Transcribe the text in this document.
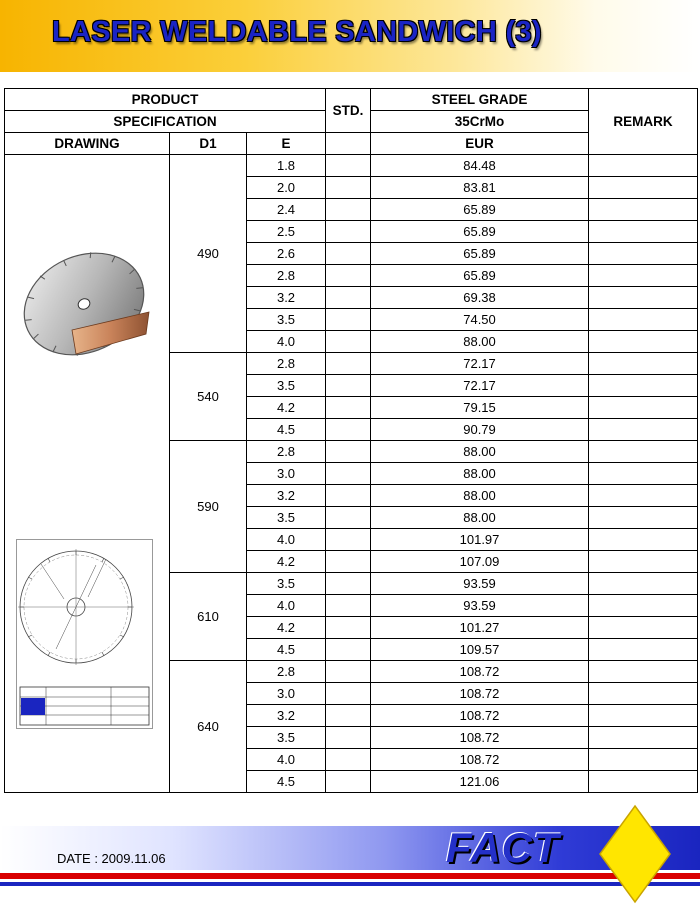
LASER WELDABLE SANDWICH (3)
PRODUCT			STD.	STEEL GRADE	REMARK
SPECIFICATION				35CrMo	
DRAWING	D1	E		EUR	
	490	1.8		84.48	
		2.0		83.81	
		2.4		65.89	
		2.5		65.89	
		2.6		65.89	
		2.8		65.89	
		3.2		69.38	
		3.5		74.50	
		4.0		88.00	
	540	2.8		72.17	
		3.5		72.17	
		4.2		79.15	
		4.5		90.79	
	590	2.8		88.00	
		3.0		88.00	
		3.2		88.00	
		3.5		88.00	
		4.0		101.97	
		4.2		107.09	
	610	3.5		93.59	
		4.0		93.59	
		4.2		101.27	
		4.5		109.57	
	640	2.8		108.72	
		3.0		108.72	
		3.2		108.72	
		3.5		108.72	
		4.0		108.72	
		4.5		121.06	
DATE : 2009.11.06	FACT
